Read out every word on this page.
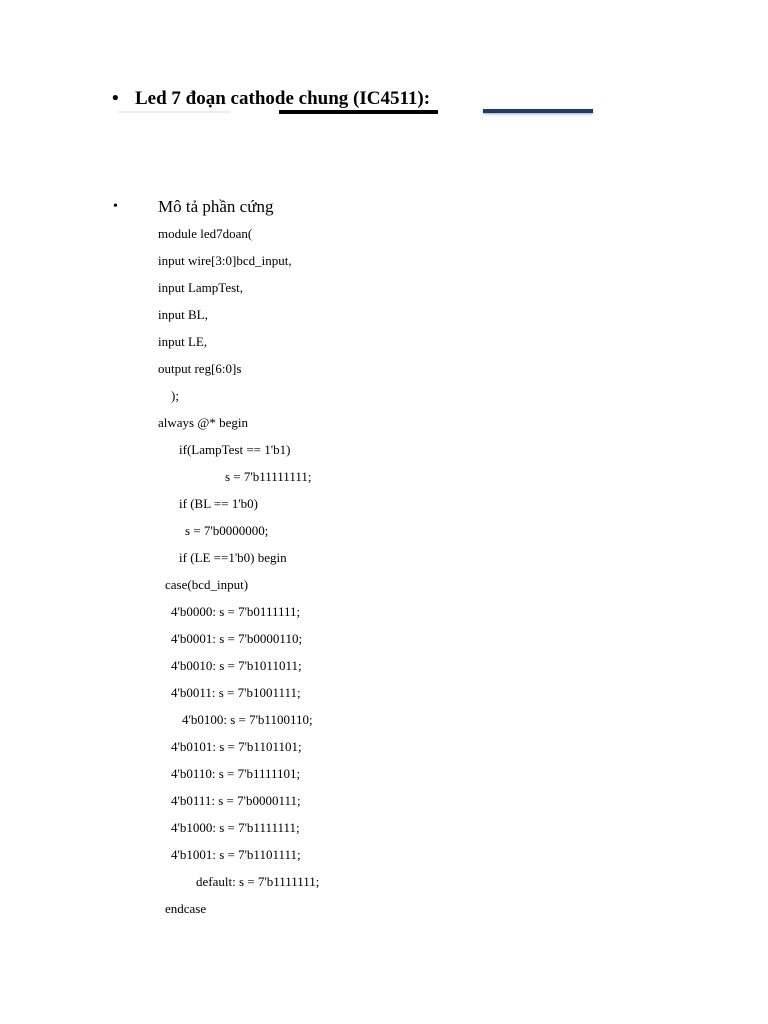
• Led 7 đoạn cathode chung (IC4511):
• Mô tả phần cứng
module led7doan(
input wire[3:0]bcd_input,
input LampTest,
input BL,
input LE,
output reg[6:0]s
);
always @* begin
if(LampTest == 1'b1)
s = 7'b11111111;
if (BL == 1'b0)
s = 7'b0000000;
if (LE ==1'b0) begin
case(bcd_input)
4'b0000: s = 7'b0111111;
4'b0001: s = 7'b0000110;
4'b0010: s = 7'b1011011;
4'b0011: s = 7'b1001111;
4'b0100: s = 7'b1100110;
4'b0101: s = 7'b1101101;
4'b0110: s = 7'b1111101;
4'b0111: s = 7'b0000111;
4'b1000: s = 7'b1111111;
4'b1001: s = 7'b1101111;
default: s = 7'b1111111;
endcase
